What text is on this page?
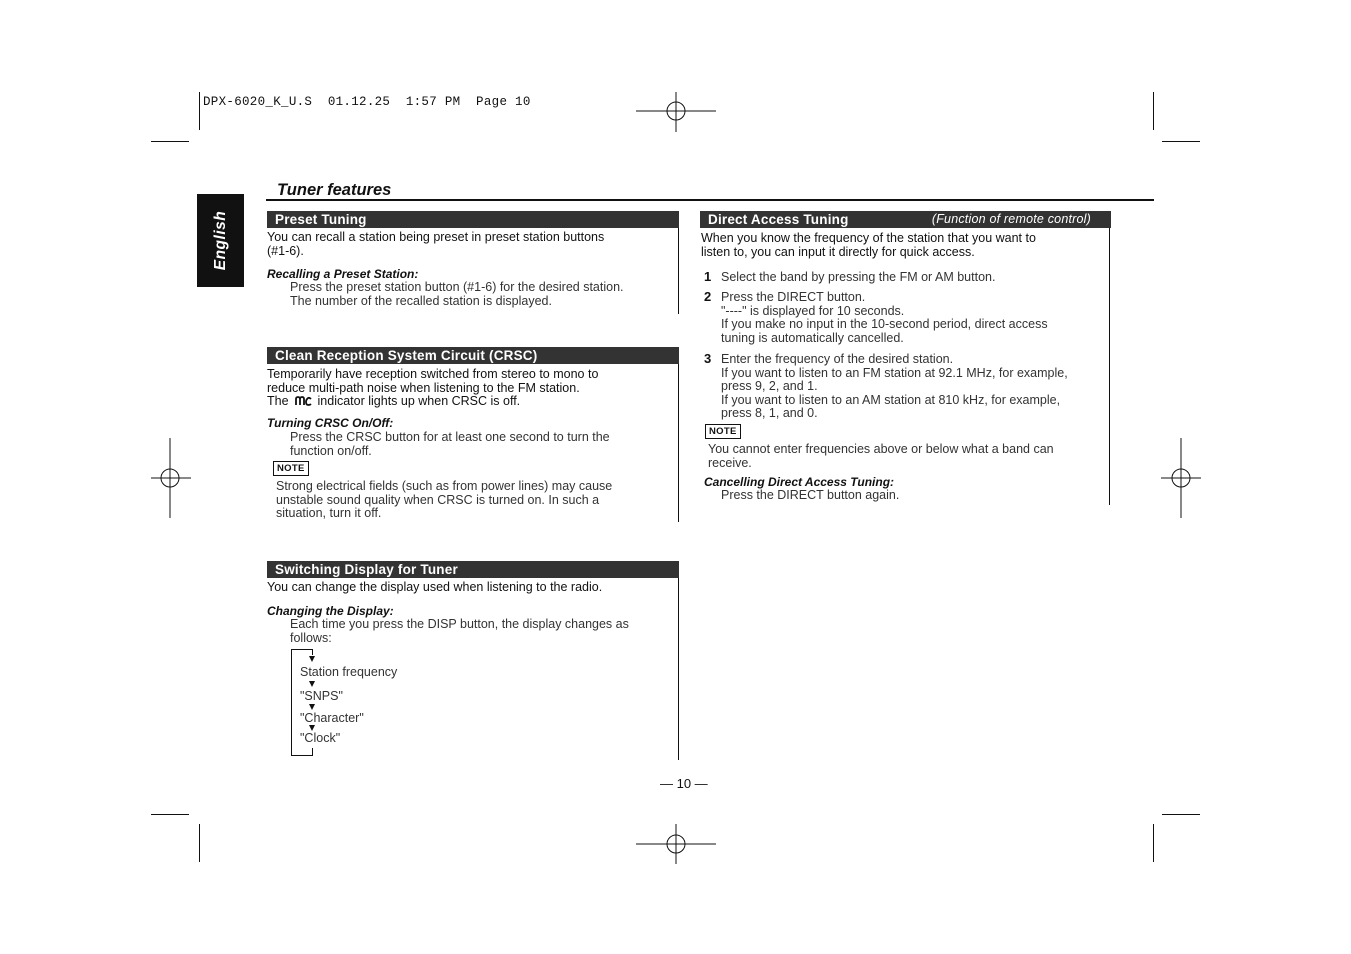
DPX-6020_K_U.S  01.12.25  1:57 PM  Page 10
English
Tuner features
Preset Tuning
You can recall a station being preset in preset station buttons
(#1-6).
Recalling a Preset Station:
Press the preset station button (#1-6) for the desired station.
The number of the recalled station is displayed.
Clean Reception System Circuit (CRSC)
Temporarily have reception switched from stereo to mono to
reduce multi-path noise when listening to the FM station.
The indicator lights up when CRSC is off.
Turning CRSC On/Off:
Press the CRSC button for at least one second to turn the
function on/off.
NOTE
Strong electrical fields (such as from power lines) may cause
unstable sound quality when CRSC is turned on. In such a
situation, turn it off.
Switching Display for Tuner
You can change the display used when listening to the radio.
Changing the Display:
Each time you press the DISP button, the display changes as
follows:
Station frequency
"SNPS"
"Character"
"Clock"
Direct Access Tuning	(Function of remote control)
When you know the frequency of the station that you want to
listen to, you can input it directly for quick access.
1 Select the band by pressing the FM or AM button.
2 Press the DIRECT button.
"----" is displayed for 10 seconds.
If you make no input in the 10-second period, direct access
tuning is automatically cancelled.
3 Enter the frequency of the desired station.
If you want to listen to an FM station at 92.1 MHz, for example,
press 9, 2, and 1.
If you want to listen to an AM station at 810 kHz, for example,
press 8, 1, and 0.
NOTE
You cannot enter frequencies above or below what a band can
receive.
Cancelling Direct Access Tuning:
Press the DIRECT button again.
— 10 —
